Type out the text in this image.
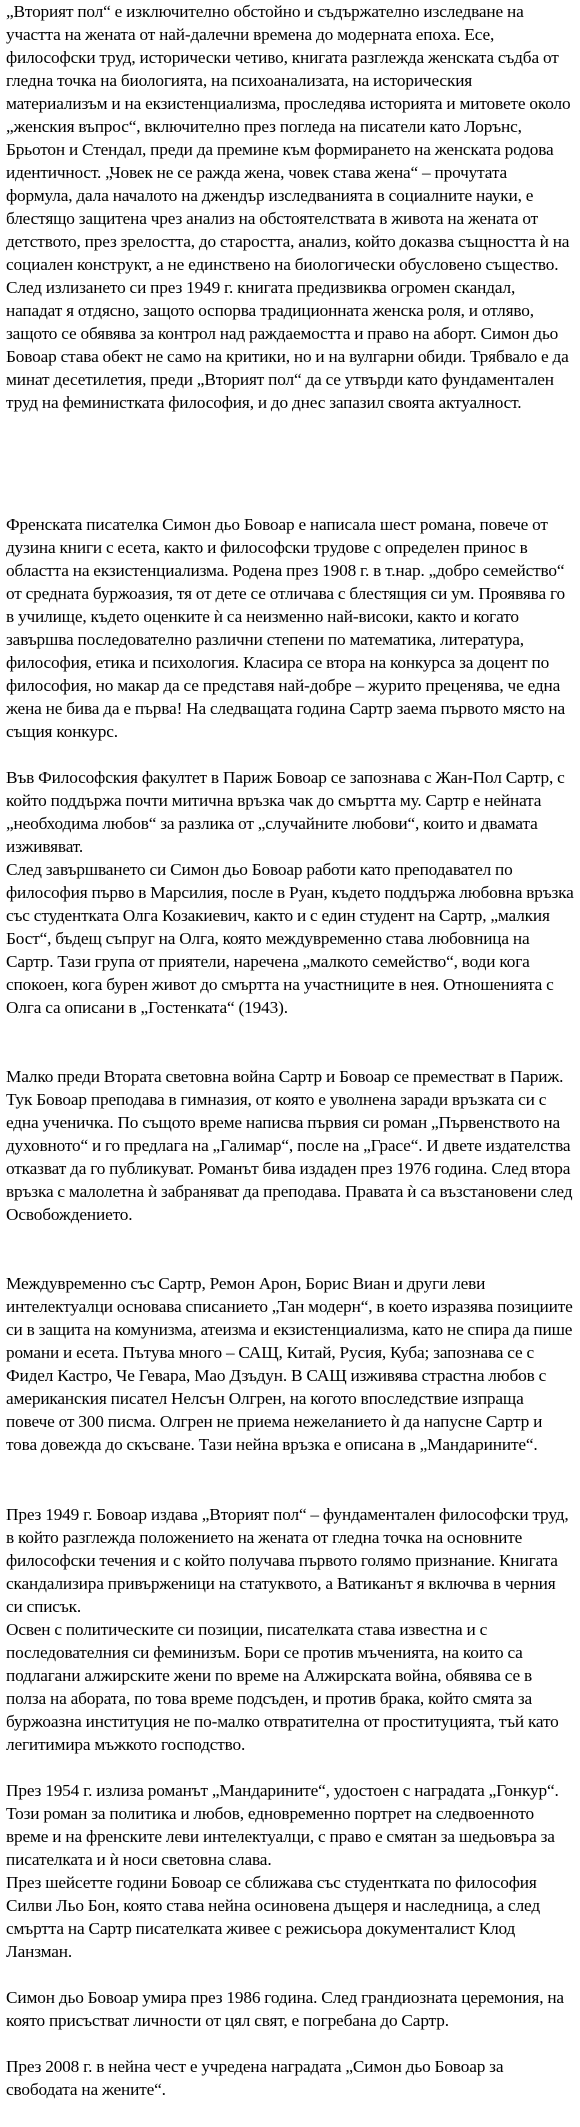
„Вторият пол“ е изключително обстойно и съдържателно изследване на участта на жената от най-далечни времена до модерната епоха. Есе, философски труд, исторически четиво, книгата разглежда женската съдба от гледна точка на биологията, на психоанализата, на историческия материализъм и на екзистенциализма, проследява историята и митовете около „женския въпрос“, включително през погледа на писатели като Лорънс, Брьотон и Стендал, преди да премине към формирането на женската родова идентичност. „Човек не се ражда жена, човек става жена“ – прочутата формула, дала началото на джендър изследванията в социалните науки, е блестящо защитена чрез анализ на обстоятелствата в живота на жената от детството, през зрелостта, до старостта, анализ, който доказва същността ѝ на социален конструкт, а не единствено на биологически обусловено същество. След излизането си през 1949 г. книгата предизвиква огромен скандал, нападат я отдясно, защото оспорва традиционната женска роля, и отляво, защото се обявява за контрол над раждаемостта и право на аборт. Симон дьо Бовоар става обект не само на критики, но и на вулгарни обиди. Трябвало е да минат десетилетия, преди „Вторият пол“ да се утвърди като фундаментален труд на феминистката философия, и до днес запазил своята актуалност.

Френската писателка Симон дьо Бовоар е написала шест романа, повече от дузина книги с есета, както и философски трудове с определен принос в областта на екзистенциализма. Родена през 1908 г. в т.нар. „добро семейство“ от средната буржоазия, тя от дете се отличава с блестящия си ум. Проявява го в училище, където оценките ѝ са неизменно най-високи, както и когато завършва последователно различни степени по математика, литература, философия, етика и психология. Класира се втора на конкурса за доцент по философия, но макар да се представя най-добре – журито преценява, че една жена не бива да е първа! На следващата година Сартр заема първото място на същия конкурс.

Във Философския факултет в Париж Бовоар се запознава с Жан-Пол Сартр, с който поддържа почти митична връзка чак до смъртта му. Сартр е нейната „необходима любов“ за разлика от „случайните любови“, които и двамата изживяват.

След завършването си Симон дьо Бовоар работи като преподавател по философия първо в Марсилия, после в Руан, където поддържа любовна връзка със студентката Олга Козакиевич, както и с един студент на Сартр, „малкия Бост“, бъдещ съпруг на Олга, която междувременно става любовница на Сартр. Тази група от приятели, наречена „малкото семейство“, води кога спокоен, кога бурен живот до смъртта на участниците в нея. Отношенията с Олга са описани в „Гостенката“ (1943).

Малко преди Втората световна война Сартр и Бовоар се преместват в Париж. Тук Бовоар преподава в гимназия, от която е уволнена заради връзката си с една ученичка. По същото време написва първия си роман „Първенството на духовното“ и го предлага на „Галимар“, после на „Грасе“. И двете издателства отказват да го публикуват. Романът бива издаден през 1976 година. След втора връзка с малолетна ѝ забраняват да преподава. Правата ѝ са възстановени след Освобождението.

Междувременно със Сартр, Ремон Арон, Борис Виан и други леви интелектуалци основава списанието „Тан модерн“, в което изразява позициите си в защита на комунизма, атеизма и екзистенциализма, като не спира да пише романи и есета. Пътува много – САЩ, Китай, Русия, Куба; запознава се с Фидел Кастро, Че Гевара, Мао Дзъдун. В САЩ изживява страстна любов с американския писател Нелсън Олгрен, на когото впоследствие изпраща повече от 300 писма. Олгрен не приема нежеланието ѝ да напусне Сартр и това довежда до скъсване. Тази нейна връзка е описана в „Мандарините“.

През 1949 г. Бовоар издава „Вторият пол“ – фундаментален философски труд, в който разглежда положението на жената от гледна точка на основните философски течения и с който получава първото голямо признание. Книгата скандализира привърженици на статуквото, а Ватиканът я включва в черния си списък.

Освен с политическите си позиции, писателката става известна и с последователния си феминизъм. Бори се против мъченията, на които са подлагани алжирските жени по време на Алжирската война, обявява се в полза на абората, по това време подсъден, и против брака, който смята за буржоазна институция не по-малко отвратителна от проституцията, тъй като легитимира мъжкото господство.

През 1954 г. излиза романът „Мандарините“, удостоен с наградата „Гонкур“. Този роман за политика и любов, едновременно портрет на следвоенното време и на френските леви интелектуалци, с право е смятан за шедьовъра за писателката и ѝ носи световна слава.

През шейсетте години Бовоар се сближава със студентката по философия Силви Льо Бон, която става нейна осиновена дъщеря и наследница, а след смъртта на Сартр писателката живее с режисьора документалист Клод Ланзман.

Симон дьо Бовоар умира през 1986 година. След грандиозната церемония, на която присъстват личности от цял свят, е погребана до Сартр.

През 2008 г. в нейна чест е учредена наградата „Симон дьо Бовоар за свободата на жените“.
